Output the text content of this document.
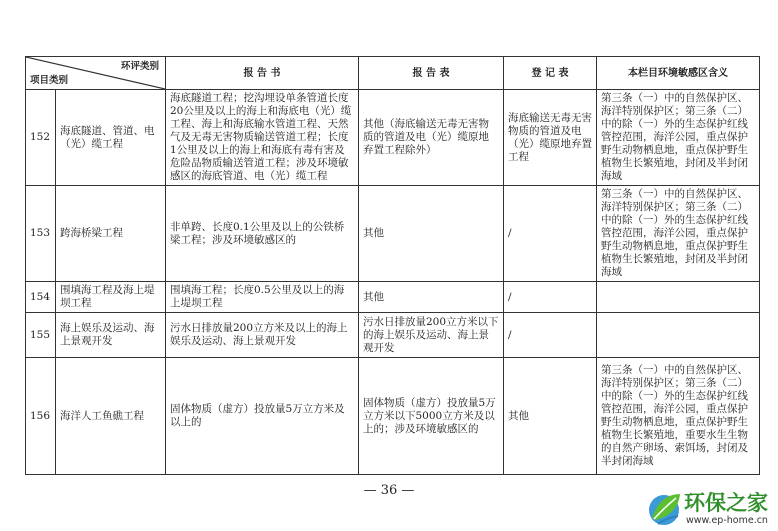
环评类别
项目类别		报 告 书	报 告 表	登 记 表	本栏目环境敏感区含义
152	海底隧道、管道、电（光）缆工程	海底隧道工程；挖沟埋设单条管道长度20公里及以上的海上和海底电（光）缆工程、海上和海底输水管道工程、天然气及无毒无害物质输送管道工程；长度1公里及以上的海上和海底有毒有害及危险品物质输送管道工程；涉及环境敏感区的海底管道、电（光）缆工程	其他（海底输送无毒无害物质的管道及电（光）缆原地弃置工程除外）	海底输送无毒无害物质的管道及电（光）缆原地弃置工程	第三条（一）中的自然保护区、海洋特别保护区；第三条（二）中的除（一）外的生态保护红线管控范围，海洋公园，重点保护野生动物栖息地，重点保护野生植物生长繁殖地，封闭及半封闭海域
153	跨海桥梁工程	非单跨、长度0.1公里及以上的公铁桥梁工程；涉及环境敏感区的	其他	/	第三条（一）中的自然保护区、海洋特别保护区；第三条（二）中的除（一）外的生态保护红线管控范围，海洋公园，重点保护野生动物栖息地，重点保护野生植物生长繁殖地，封闭及半封闭海域
154	围填海工程及海上堤坝工程	围填海工程；长度0.5公里及以上的海上堤坝工程	其他	/	
155	海上娱乐及运动、海上景观开发	污水日排放量200立方米及以上的海上娱乐及运动、海上景观开发	污水日排放量200立方米以下的海上娱乐及运动、海上景观开发	/	
156	海洋人工鱼礁工程	固体物质（虚方）投放量5万立方米及以上的	固体物质（虚方）投放量5万立方米以下5000立方米及以上的；涉及环境敏感区的	其他	第三条（一）中的自然保护区、海洋特别保护区；第三条（二）中的除（一）外的生态保护红线管控范围，海洋公园，重点保护野生动物栖息地，重点保护野生植物生长繁殖地，重要水生生物的自然产卵场、索饵场，封闭及半封闭海域
— 36 —
环保之家
www.ep-home.cn
